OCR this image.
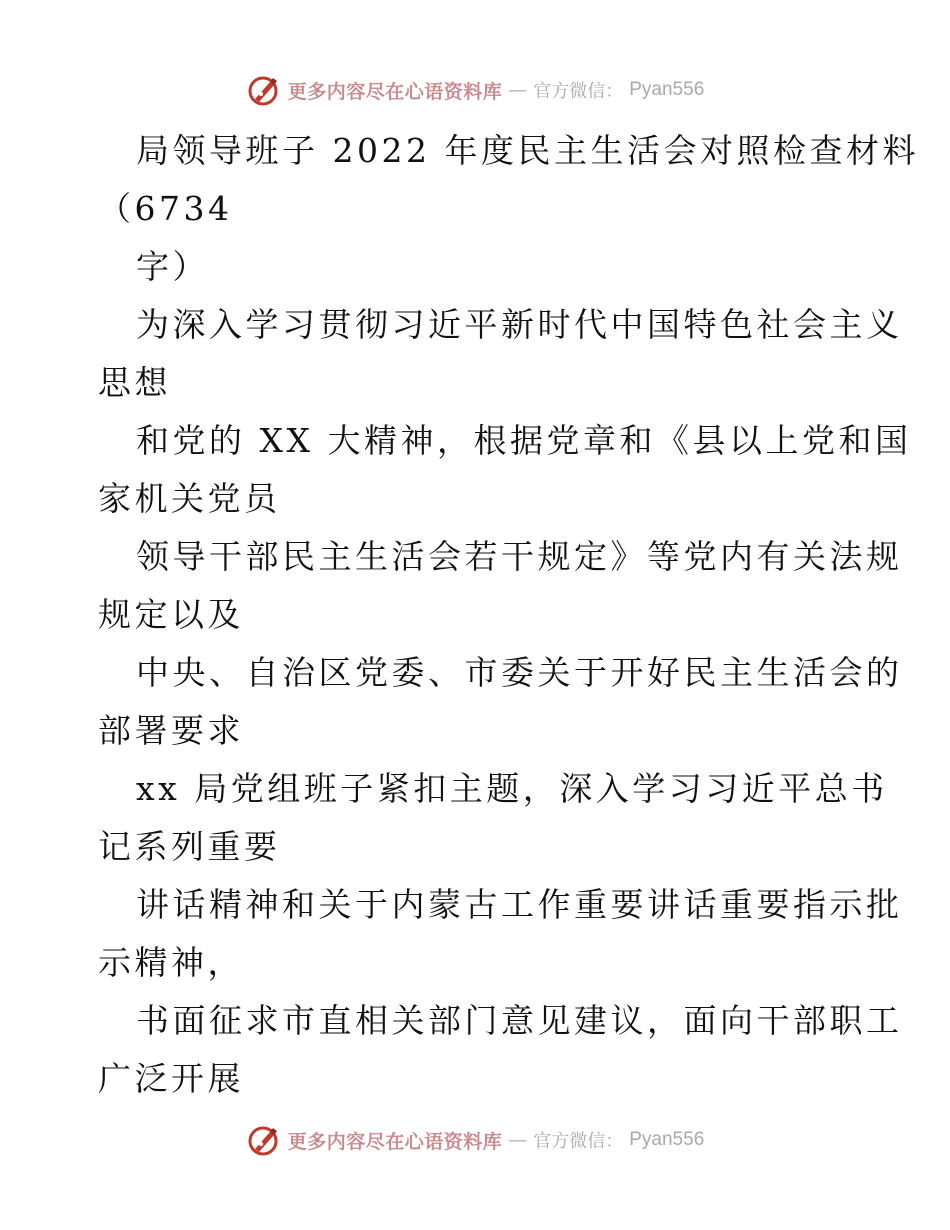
更多内容尽在心语资料库 — 官方微信： Pyan556
局领导班子 2022 年度民主生活会对照检查材料
（6734
字）
为深入学习贯彻习近平新时代中国特色社会主义
思想
和党的 XX 大精神，根据党章和《县以上党和国
家机关党员
领导干部民主生活会若干规定》等党内有关法规
规定以及
中央、自治区党委、市委关于开好民主生活会的
部署要求
xx 局党组班子紧扣主题，深入学习习近平总书
记系列重要
讲话精神和关于内蒙古工作重要讲话重要指示批
示精神，
书面征求市直相关部门意见建议，面向干部职工
广泛开展
更多内容尽在心语资料库 — 官方微信： Pyan556
